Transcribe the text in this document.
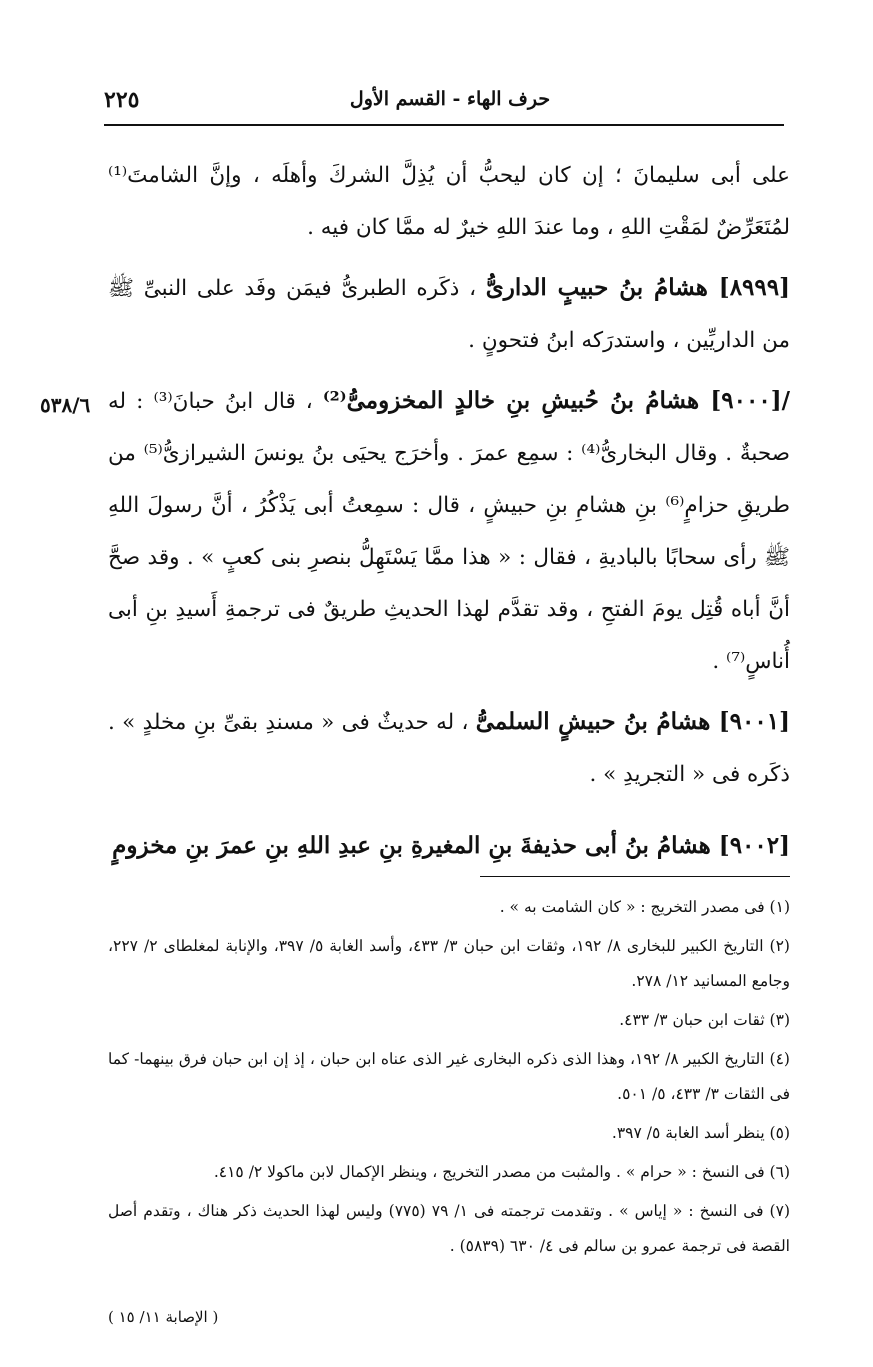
حرف الهاء - القسم الأول
٢٢٥
٥٣٨/٦

على أبى سليمانَ ؛ إن كان ليحبُّ أن يُذِلَّ الشركَ وأهلَه ، وإنَّ الشامتَ⁽¹⁾ لمُتَعَرِّضٌ لمَقْتِ اللهِ ، وما عندَ اللهِ خيرٌ له ممَّا كان فيه .

[٨٩٩٩] هشامُ بنُ حبيبٍ الدارىُّ ، ذكَره الطبرىُّ فيمَن وفَد على النبىِّ ﷺ من الداريِّين ، واستدرَكه ابنُ فتحونٍ .

/[٩٠٠٠] هشامُ بنُ حُبيشِ بنِ خالدٍ المخزومىُّ⁽²⁾ ، قال ابنُ حبانَ⁽³⁾ : له صحبةٌ . وقال البخارىُّ⁽⁴⁾ : سمِع عمرَ . وأخرَج يحيَى بنُ يونسَ الشيرازىُّ⁽⁵⁾ من طريقِ حزامٍ⁽⁶⁾ بنِ هشامِ بنِ حبيشٍ ، قال : سمِعتُ أبى يَذْكُرُ ، أنَّ رسولَ اللهِ ﷺ رأى سحابًا بالباديةِ ، فقال : « هذا ممَّا يَسْتَهِلُّ بنصرِ بنى كعبٍ » . وقد صحَّ أنَّ أباه قُتِل يومَ الفتحِ ، وقد تقدَّم لهذا الحديثِ طريقٌ فى ترجمةِ أَسيدِ بنِ أبى أُناسٍ⁽⁷⁾ .

[٩٠٠١] هشامُ بنُ حبيشٍ السلمىُّ ، له حديثٌ فى « مسندِ بقىِّ بنِ مخلدٍ » . ذكَره فى « التجريدِ » .

[٩٠٠٢] هشامُ بنُ أبى حذيفةَ بنِ المغيرةِ بنِ عبدِ اللهِ بنِ عمرَ بنِ مخزومٍ
(١) فى مصدر التخريج : « كان الشامت به » .
(٢) التاريخ الكبير للبخارى ٨/ ١٩٢، وثقات ابن حبان ٣/ ٤٣٣، وأسد الغابة ٥/ ٣٩٧، والإنابة لمغلطاى ٢/ ٢٢٧، وجامع المسانيد ١٢/ ٢٧٨.
(٣) ثقات ابن حبان ٣/ ٤٣٣.
(٤) التاريخ الكبير ٨/ ١٩٢، وهذا الذى ذكره البخارى غير الذى عناه ابن حبان ، إذ إن ابن حبان فرق بينهما- كما فى الثقات ٣/ ٤٣٣، ٥/ ٥٠١.
(٥) ينظر أسد الغابة ٥/ ٣٩٧.
(٦) فى النسخ : « حرام » . والمثبت من مصدر التخريج ، وينظر الإكمال لابن ماكولا ٢/ ٤١٥.
(٧) فى النسخ : « إياس » . وتقدمت ترجمته فى ١/ ٧٩ (٧٧٥) وليس لهذا الحديث ذكر هناك ، وتقدم أصل القصة فى ترجمة عمرو بن سالم فى ٤/ ٦٣٠ (٥٨٣٩) .
( الإصابة ١١/ ١٥ )
